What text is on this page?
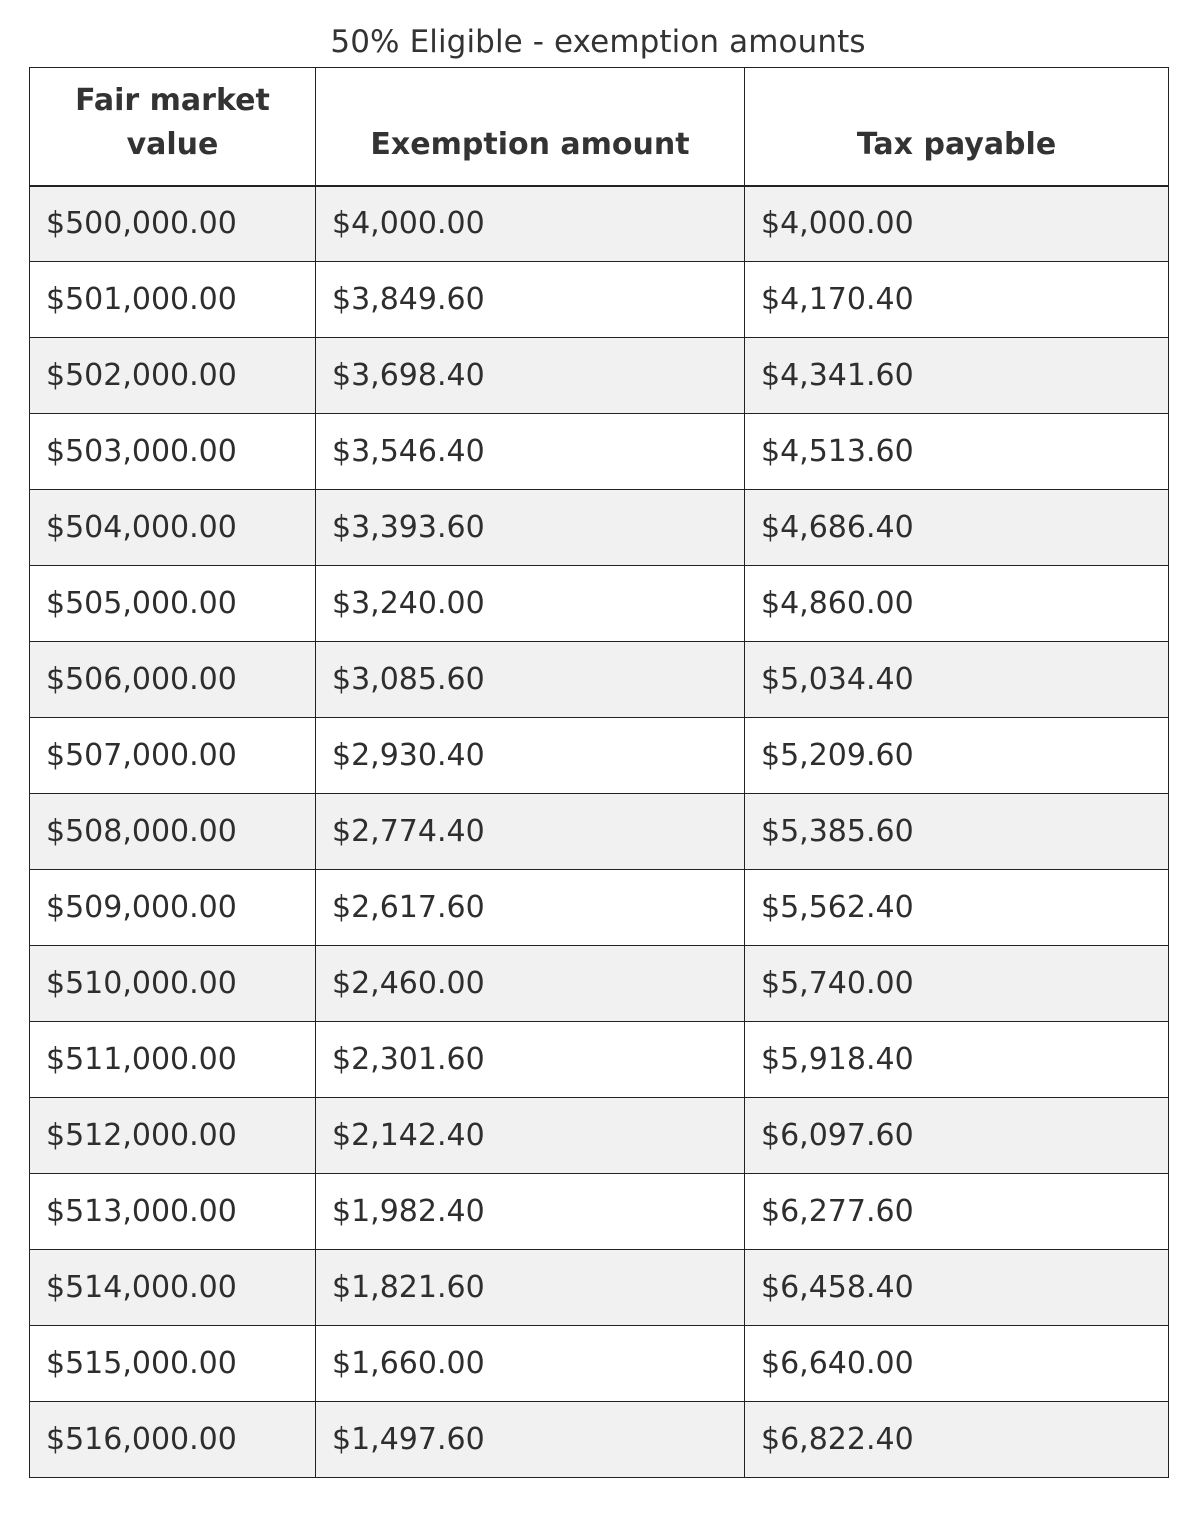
50% Eligible - exemption amounts
Fair market value	Exemption amount	Tax payable
$500,000.00	$4,000.00	$4,000.00
$501,000.00	$3,849.60	$4,170.40
$502,000.00	$3,698.40	$4,341.60
$503,000.00	$3,546.40	$4,513.60
$504,000.00	$3,393.60	$4,686.40
$505,000.00	$3,240.00	$4,860.00
$506,000.00	$3,085.60	$5,034.40
$507,000.00	$2,930.40	$5,209.60
$508,000.00	$2,774.40	$5,385.60
$509,000.00	$2,617.60	$5,562.40
$510,000.00	$2,460.00	$5,740.00
$511,000.00	$2,301.60	$5,918.40
$512,000.00	$2,142.40	$6,097.60
$513,000.00	$1,982.40	$6,277.60
$514,000.00	$1,821.60	$6,458.40
$515,000.00	$1,660.00	$6,640.00
$516,000.00	$1,497.60	$6,822.40
